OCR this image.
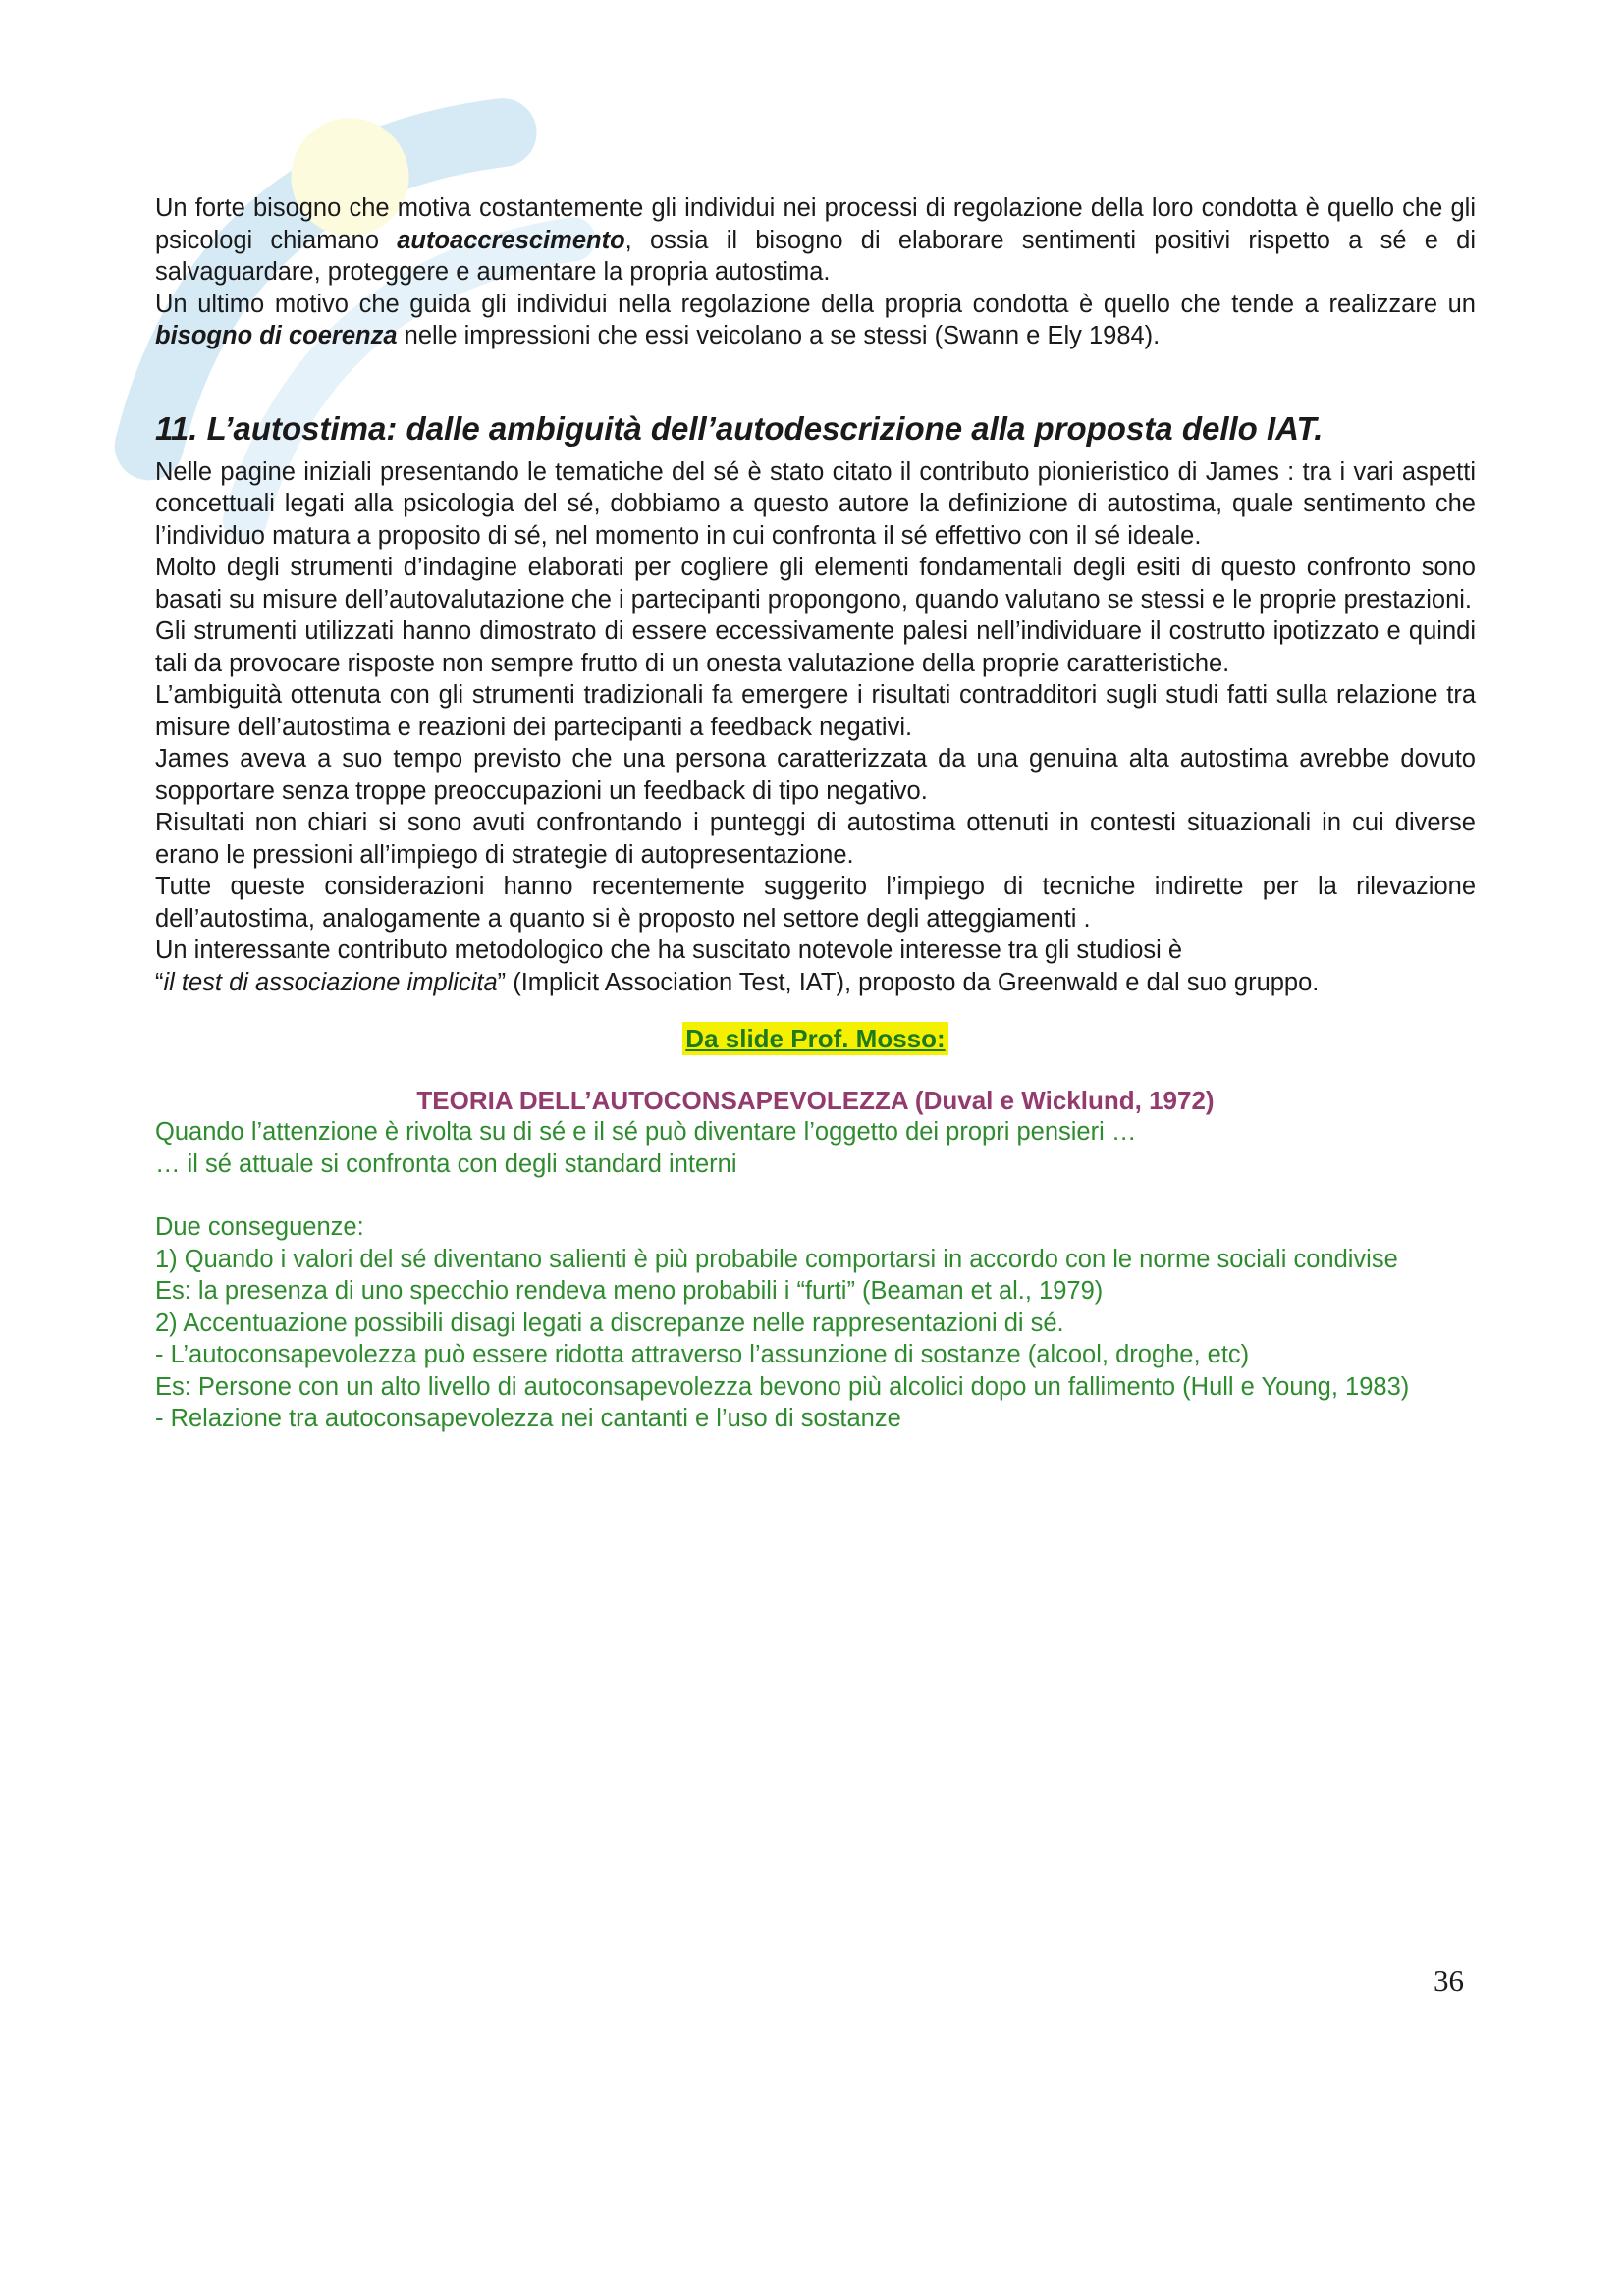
Un forte bisogno che motiva costantemente gli individui nei processi di regolazione della loro condotta è quello che gli psicologi chiamano autoaccrescimento, ossia il bisogno di elaborare sentimenti positivi rispetto a sé e di salvaguardare, proteggere e aumentare la propria autostima.

Un ultimo motivo che guida gli individui nella regolazione della propria condotta è quello che tende a realizzare un bisogno di coerenza nelle impressioni che essi veicolano a se stessi (Swann e Ely 1984).

11. L’autostima: dalle ambiguità dell’autodescrizione alla proposta dello IAT.

Nelle pagine iniziali presentando le tematiche del sé è stato citato il contributo pionieristico di James : tra i vari aspetti concettuali legati alla psicologia del sé, dobbiamo a questo autore la definizione di autostima, quale sentimento che l’individuo matura a proposito di sé, nel momento in cui confronta il sé effettivo con il sé ideale.

Molto degli strumenti d’indagine elaborati per cogliere gli elementi fondamentali degli esiti di questo confronto sono basati su misure dell’autovalutazione che i partecipanti propongono, quando valutano se stessi e le proprie prestazioni.

Gli strumenti utilizzati hanno dimostrato di essere eccessivamente palesi nell’individuare il costrutto ipotizzato e quindi tali da provocare risposte non sempre frutto di un onesta valutazione della proprie caratteristiche.

L’ambiguità ottenuta con gli strumenti tradizionali fa emergere i risultati contradditori sugli studi fatti sulla relazione tra misure dell’autostima e reazioni dei partecipanti a feedback negativi.

James aveva a suo tempo previsto che una persona caratterizzata da una genuina alta autostima avrebbe dovuto sopportare senza troppe preoccupazioni un feedback di tipo negativo.

Risultati non chiari si sono avuti confrontando i punteggi di autostima ottenuti in contesti situazionali in cui diverse erano le pressioni all’impiego di strategie di autopresentazione.

Tutte queste considerazioni hanno recentemente suggerito l’impiego di tecniche indirette per la rilevazione dell’autostima, analogamente a quanto si è proposto nel settore degli atteggiamenti .

Un interessante contributo metodologico che ha suscitato notevole interesse tra gli studiosi è

“il test di associazione implicita” (Implicit Association Test, IAT), proposto da Greenwald e dal suo gruppo.

Da slide Prof. Mosso:
TEORIA DELL’AUTOCONSAPEVOLEZZA (Duval e Wicklund, 1972)

Quando l’attenzione è rivolta su di sé e il sé può diventare l’oggetto dei propri pensieri …

… il sé attuale si confronta con degli standard interni

Due conseguenze:

1) Quando i valori del sé diventano salienti è più probabile comportarsi in accordo con le norme sociali condivise

Es: la presenza di uno specchio rendeva meno probabili i “furti” (Beaman et al., 1979)

2) Accentuazione possibili disagi legati a discrepanze nelle rappresentazioni di sé.

- L’autoconsapevolezza può essere ridotta attraverso l’assunzione di sostanze (alcool, droghe, etc)

Es: Persone con un alto livello di autoconsapevolezza bevono più alcolici dopo un fallimento (Hull e Young, 1983)

- Relazione tra autoconsapevolezza nei cantanti e l’uso di sostanze

36
